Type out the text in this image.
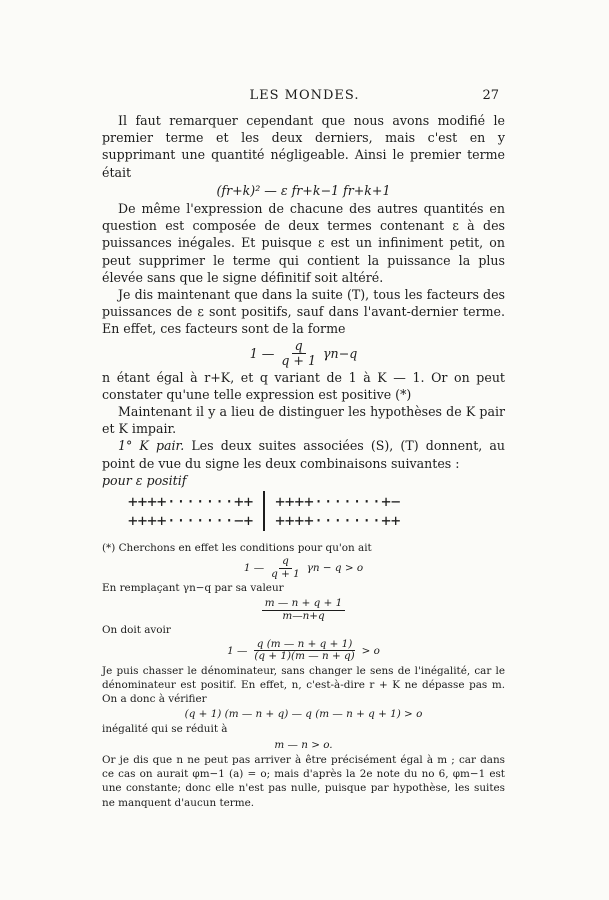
LES MONDES.	27

Il faut remarquer cependant que nous avons modifié le premier terme et les deux derniers, mais c'est en y supprimant une quantité négligeable. Ainsi le premier terme était

(fr+k)² — ε fr+k−1 fr+k+1

De même l'expression de chacune des autres quantités en question est composée de deux termes contenant ε à des puissances inégales. Et puisque ε est un infiniment petit, on peut supprimer le terme qui contient la puissance la plus élevée sans que le signe définitif soit altéré.

Je dis maintenant que dans la suite (T), tous les facteurs des puissances de ε sont positifs, sauf dans l'avant-dernier terme. En effet, ces facteurs sont de la forme

1 — $\frac{q}{q + 1} \gamma n-q$

n étant égal à r+K, et q variant de 1 à K — 1. Or on peut constater qu'une telle expression est positive (*)

Maintenant il y a lieu de distinguer les hypothèses de K pair et K impair.

1° K pair. Les deux suites associées (S), (T) donnent, au point de vue du signe les deux combinaisons suivantes :

pour ε positif

++++·······++
++++·······−+
++++·······+−
++++·······++

(*) Cherchons en effet les conditions pour qu'on ait

1 — $\frac{q}{q + 1}$ γn − q > o

En remplaçant γn−q par sa valeur

$\frac{m — n + q + 1}{m—n+q}$

On doit avoir

1 — $\frac{q (m — n + q + 1)}{(q + 1)(m — n + q)} > o$

Je puis chasser le dénominateur, sans changer le sens de l'inégalité, car le dénominateur est positif. En effet, n, c'est-à-dire r + K ne dépasse pas m. On a donc à vérifier

(q + 1) (m — n + q) — q (m — n + q + 1) > o

inégalité qui se réduit à

m — n > o.

Or je dis que n ne peut pas arriver à être précisément égal à m ; car dans ce cas on aurait φm−1 (a) = o; mais d'après la 2e note du no 6, φm−1 est une constante; donc elle n'est pas nulle, puisque par hypothèse, les suites ne manquent d'aucun terme.
